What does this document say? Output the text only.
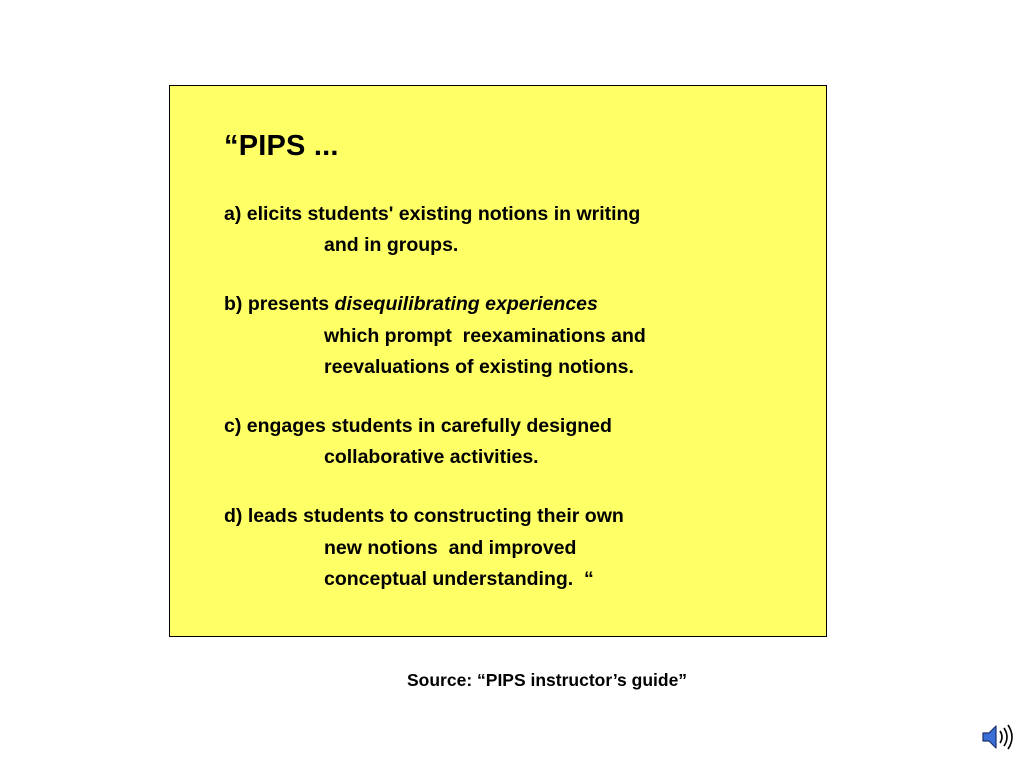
“PIPS ...
a) elicits students' existing notions in writing
and in groups.
b) presents disequilibrating experiences
which prompt  reexaminations and
reevaluations of existing notions.
c) engages students in carefully designed
collaborative activities.
d) leads students to constructing their own
new notions  and improved
conceptual understanding.  “
Source: “PIPS instructor’s guide”
